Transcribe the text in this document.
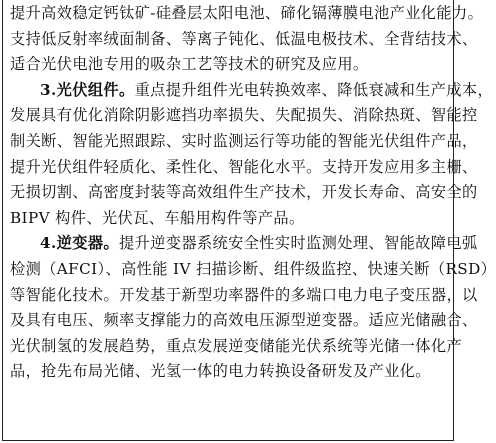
提升高效稳定钙钛矿-硅叠层太阳电池、碲化镉薄膜电池产业化能力。
支持低反射率绒面制备、等离子钝化、低温电极技术、全背结技术、
适合光伏电池专用的吸杂工艺等技术的研究及应用。
3.光伏组件。重点提升组件光电转换效率、降低衰减和生产成本，
发展具有优化消除阴影遮挡功率损失、失配损失、消除热斑、智能控
制关断、智能光照跟踪、实时监测运行等功能的智能光伏组件产品，
提升光伏组件轻质化、柔性化、智能化水平。支持开发应用多主栅、
无损切割、高密度封装等高效组件生产技术，开发长寿命、高安全的
BIPV 构件、光伏瓦、车船用构件等产品。
4.逆变器。提升逆变器系统安全性实时监测处理、智能故障电弧
检测（AFCI）、高性能 IV 扫描诊断、组件级监控、快速关断（RSD）
等智能化技术。开发基于新型功率器件的多端口电力电子变压器，以
及具有电压、频率支撑能力的高效电压源型逆变器。适应光储融合、
光伏制氢的发展趋势，重点发展逆变储能光伏系统等光储一体化产
品，抢先布局光储、光氢一体的电力转换设备研发及产业化。
